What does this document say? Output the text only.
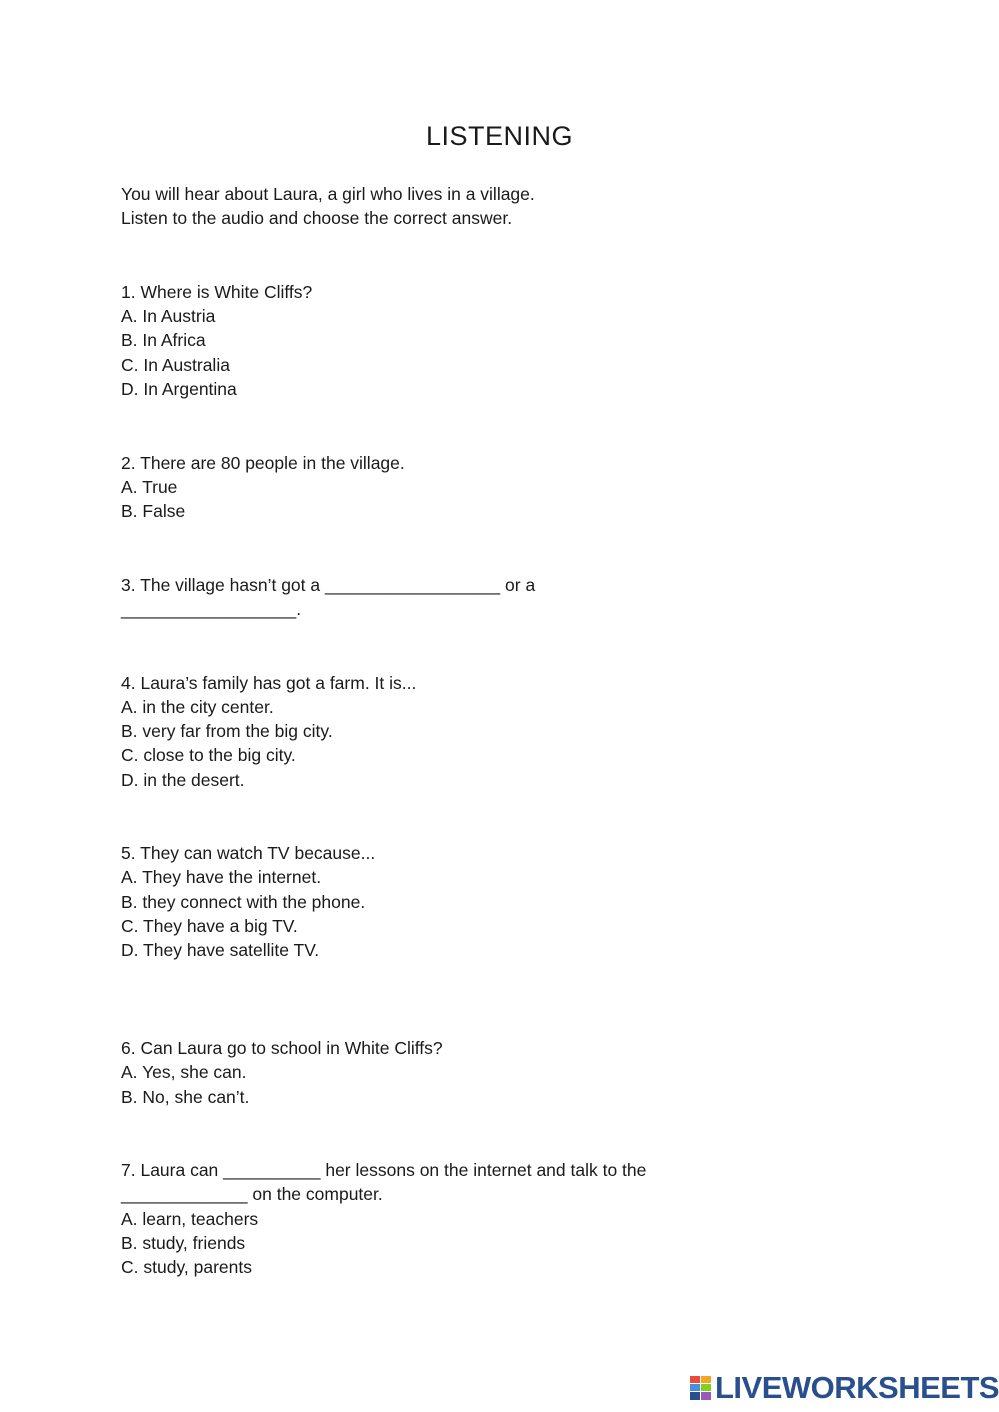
LISTENING

You will hear about Laura, a girl who lives in a village.

Listen to the audio and choose the correct answer.

1. Where is White Cliffs?

A. In Austria

B. In Africa

C. In Australia

D. In Argentina

2. There are 80 people in the village.

A. True

B. False

3. The village hasn’t got a __________________ or a

__________________.

4. Laura’s family has got a farm. It is...

A. in the city center.

B. very far from the big city.

C. close to the big city.

D. in the desert.

5. They can watch TV because...

A. They have the internet.

B. they connect with the phone.

C. They have a big TV.

D. They have satellite TV.

6. Can Laura go to school in White Cliffs?

A. Yes, she can.

B. No, she can’t.

7. Laura can __________ her lessons on the internet and talk to the

_____________ on the computer.

A. learn, teachers

B. study, friends

C. study, parents

LIVEWORKSHEETS
